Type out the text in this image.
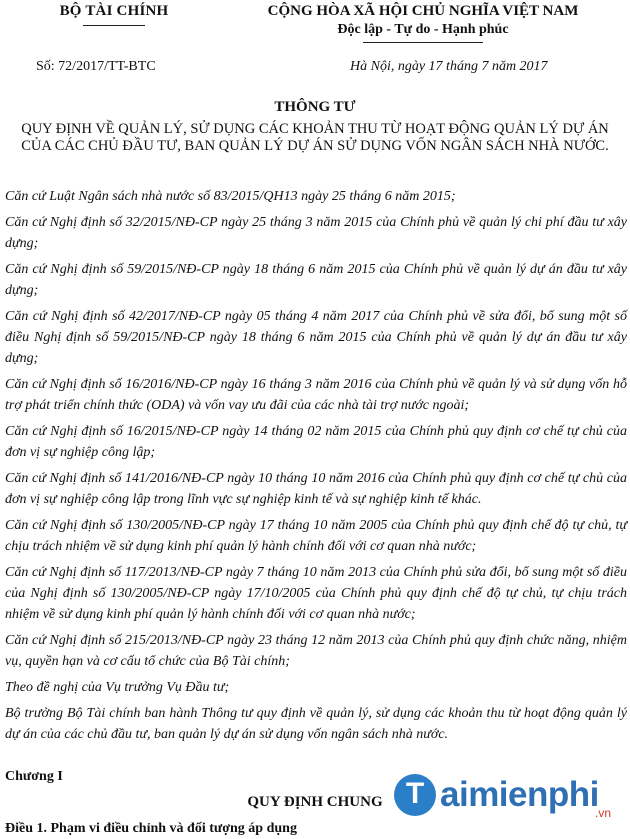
BỘ TÀI CHÍNH	CỘNG HÒA XÃ HỘI CHỦ NGHĨA VIỆT NAM
Độc lập - Tự do - Hạnh phúc
Số: 72/2017/TT-BTC	Hà Nội, ngày 17 tháng 7 năm 2017
THÔNG TƯ
QUY ĐỊNH VỀ QUẢN LÝ, SỬ DỤNG CÁC KHOẢN THU TỪ HOẠT ĐỘNG QUẢN LÝ DỰ ÁN CỦA CÁC CHỦ ĐẦU TƯ, BAN QUẢN LÝ DỰ ÁN SỬ DỤNG VỐN NGÂN SÁCH NHÀ NƯỚC.

Căn cứ Luật Ngân sách nhà nước số 83/2015/QH13 ngày 25 tháng 6 năm 2015;

Căn cứ Nghị định số 32/2015/NĐ-CP ngày 25 tháng 3 năm 2015 của Chính phủ về quản lý chi phí đầu tư xây dựng;

Căn cứ Nghị định số 59/2015/NĐ-CP ngày 18 tháng 6 năm 2015 của Chính phủ về quản lý dự án đầu tư xây dựng;

Căn cứ Nghị định số 42/2017/NĐ-CP ngày 05 tháng 4 năm 2017 của Chính phủ về sửa đổi, bổ sung một số điều Nghị định số 59/2015/NĐ-CP ngày 18 tháng 6 năm 2015 của Chính phủ về quản lý dự án đầu tư xây dựng;

Căn cứ Nghị định số 16/2016/NĐ-CP ngày 16 tháng 3 năm 2016 của Chính phủ về quản lý và sử dụng vốn hỗ trợ phát triển chính thức (ODA) và vốn vay ưu đãi của các nhà tài trợ nước ngoài;

Căn cứ Nghị định số 16/2015/NĐ-CP ngày 14 tháng 02 năm 2015 của Chính phủ quy định cơ chế tự chủ của đơn vị sự nghiệp công lập;

Căn cứ Nghị định số 141/2016/NĐ-CP ngày 10 tháng 10 năm 2016 của Chính phủ quy định cơ chế tự chủ của đơn vị sự nghiệp công lập trong lĩnh vực sự nghiệp kinh tế và sự nghiệp kinh tế khác.

Căn cứ Nghị định số 130/2005/NĐ-CP ngày 17 tháng 10 năm 2005 của Chính phủ quy định chế độ tự chủ, tự chịu trách nhiệm về sử dụng kinh phí quản lý hành chính đối với cơ quan nhà nước;

Căn cứ Nghị định số 117/2013/NĐ-CP ngày 7 tháng 10 năm 2013 của Chính phủ sửa đổi, bổ sung một số điều của Nghị định số 130/2005/NĐ-CP ngày 17/10/2005 của Chính phủ quy định chế độ tự chủ, tự chịu trách nhiệm về sử dụng kinh phí quản lý hành chính đối với cơ quan nhà nước;

Căn cứ Nghị định số 215/2013/NĐ-CP ngày 23 tháng 12 năm 2013 của Chính phủ quy định chức năng, nhiệm vụ, quyền hạn và cơ cấu tổ chức của Bộ Tài chính;

Theo đề nghị của Vụ trưởng Vụ Đầu tư;

Bộ trưởng Bộ Tài chính ban hành Thông tư quy định về quản lý, sử dụng các khoản thu từ hoạt động quản lý dự án của các chủ đầu tư, ban quản lý dự án sử dụng vốn ngân sách nhà nước.

Chương I
QUY ĐỊNH CHUNG
Điều 1. Phạm vi điều chỉnh và đối tượng áp dụng
T aimienphi
.vn
